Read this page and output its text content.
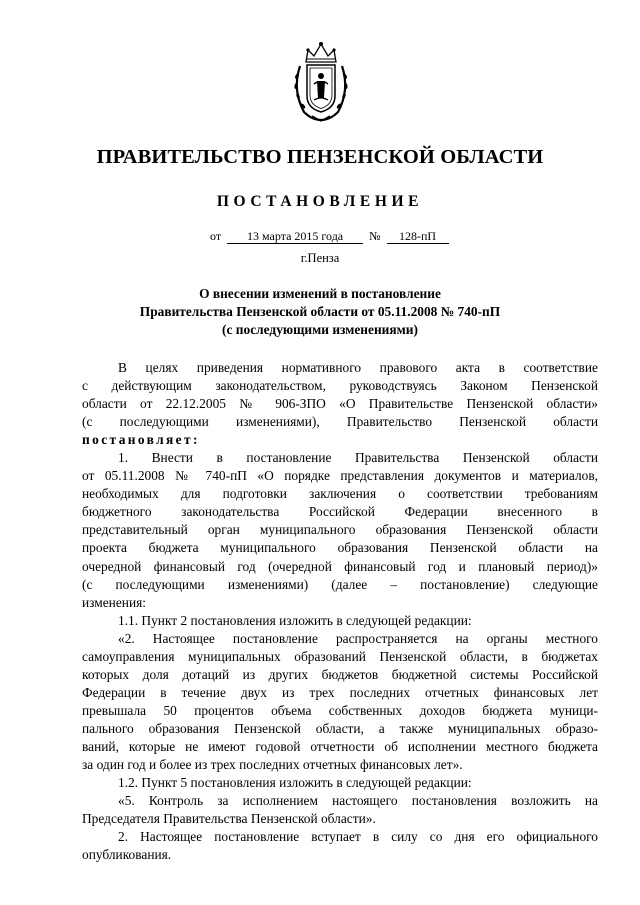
ПРАВИТЕЛЬСТВО ПЕНЗЕНСКОЙ ОБЛАСТИ
ПОСТАНОВЛЕНИЕ
от 13 марта 2015 года № 128-пП
г.Пенза
О внесении изменений в постановление
Правительства Пензенской области от 05.11.2008 № 740-пП
(с последующими изменениями)

В целях приведения нормативного правового акта в соответствие

с действующим законодательством, руководствуясь Законом Пензенской

области от 22.12.2005 № 906-ЗПО «О Правительстве Пензенской области»

(с последующими изменениями), Правительство Пензенской области

постановляет:

1. Внести в постановление Правительства Пензенской области

от 05.11.2008 № 740-пП «О порядке представления документов и материалов,

необходимых для подготовки заключения о соответствии требованиям

бюджетного законодательства Российской Федерации внесенного в

представительный орган муниципального образования Пензенской области

проекта бюджета муниципального образования Пензенской области на

очередной финансовый год (очередной финансовый год и плановый период)»

(с последующими изменениями) (далее – постановление) следующие

изменения:

1.1. Пункт 2 постановления изложить в следующей редакции:

«2. Настоящее постановление распространяется на органы местного

самоуправления муниципальных образований Пензенской области, в бюджетах

которых доля дотаций из других бюджетов бюджетной системы Российской

Федерации в течение двух из трех последних отчетных финансовых лет

превышала 50 процентов объема собственных доходов бюджета муници-

пального образования Пензенской области, а также муниципальных образо-

ваний, которые не имеют годовой отчетности об исполнении местного бюджета

за один год и более из трех последних отчетных финансовых лет».

1.2. Пункт 5 постановления изложить в следующей редакции:

«5. Контроль за исполнением настоящего постановления возложить на

Председателя Правительства Пензенской области».

2. Настоящее постановление вступает в силу со дня его официального

опубликования.
